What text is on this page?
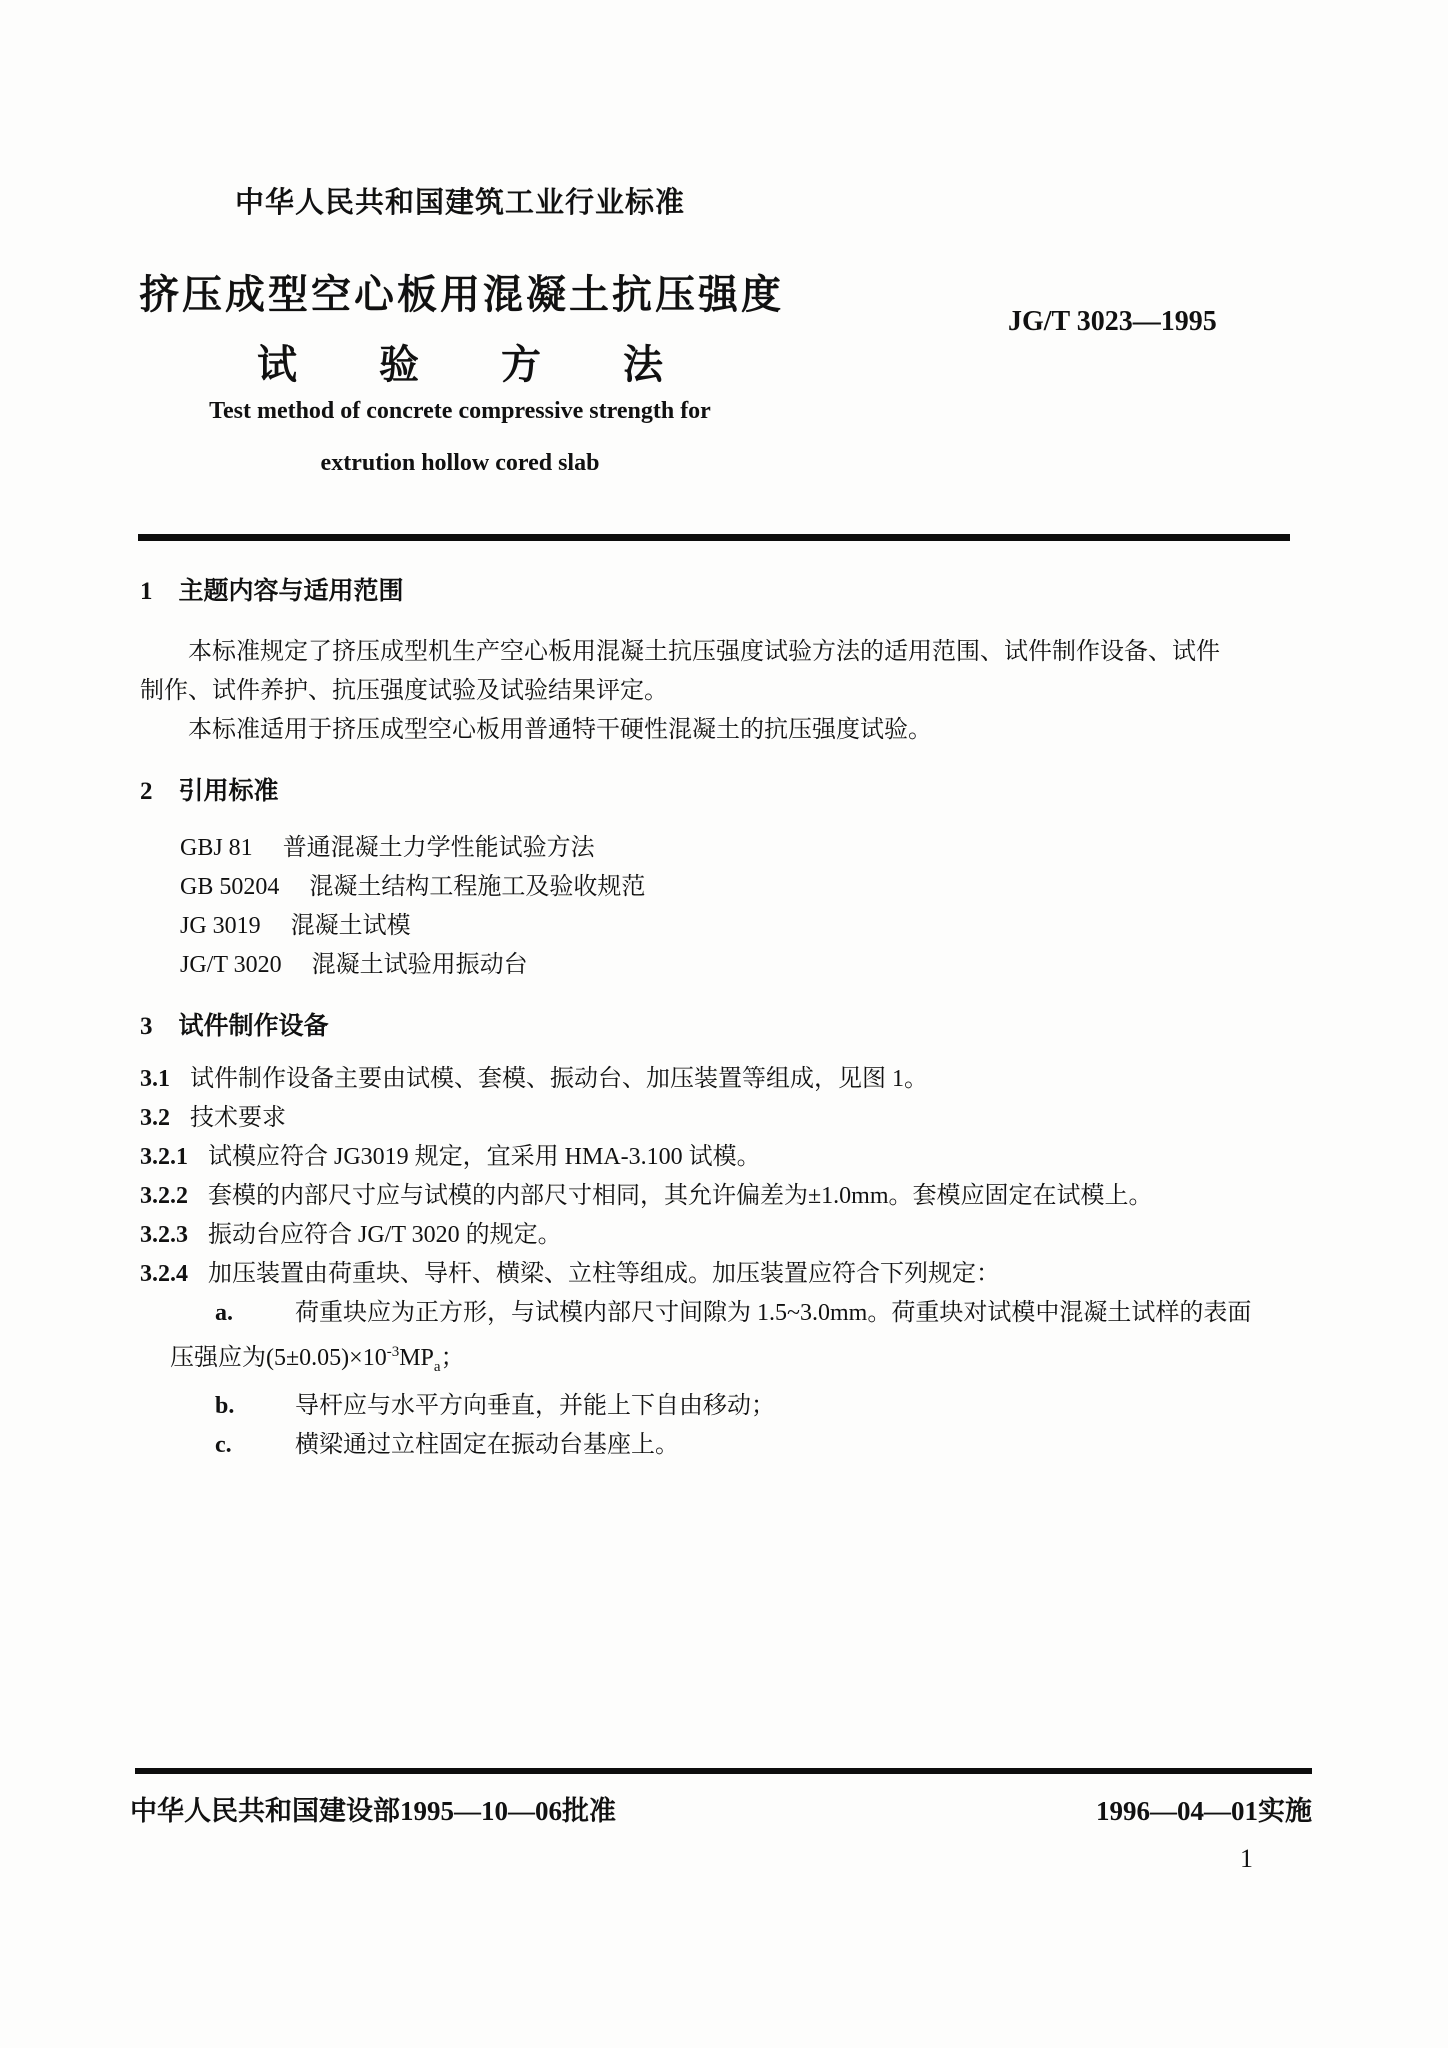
中华人民共和国建筑工业行业标准
挤压成型空心板用混凝土抗压强度
试验方法
Test method of concrete compressive strength for
extrution hollow cored slab
JG/T 3023—1995
1 主题内容与适用范围
本标准规定了挤压成型机生产空心板用混凝土抗压强度试验方法的适用范围、试件制作设备、试件
制作、试件养护、抗压强度试验及试验结果评定。
本标准适用于挤压成型空心板用普通特干硬性混凝土的抗压强度试验。
2 引用标准
GBJ 81 普通混凝土力学性能试验方法
GB 50204 混凝土结构工程施工及验收规范
JG 3019 混凝土试模
JG/T 3020 混凝土试验用振动台
3 试件制作设备
3.1 试件制作设备主要由试模、套模、振动台、加压装置等组成，见图 1。
3.2 技术要求
3.2.1 试模应符合 JG3019 规定，宜采用 HMA-3.100 试模。
3.2.2 套模的内部尺寸应与试模的内部尺寸相同，其允许偏差为±1.0mm。套模应固定在试模上。
3.2.3 振动台应符合 JG/T 3020 的规定。
3.2.4 加压装置由荷重块、导杆、横梁、立柱等组成。加压装置应符合下列规定：
a.	荷重块应为正方形，与试模内部尺寸间隙为 1.5~3.0mm。荷重块对试模中混凝土试样的表面
压强应为$(5\pm 0.05)\times 10^{-3}MP_a$；
b.	导杆应与水平方向垂直，并能上下自由移动；
c.	横梁通过立柱固定在振动台基座上。
中华人民共和国建设部1995—10—06批准	1996—04—01实施
1
